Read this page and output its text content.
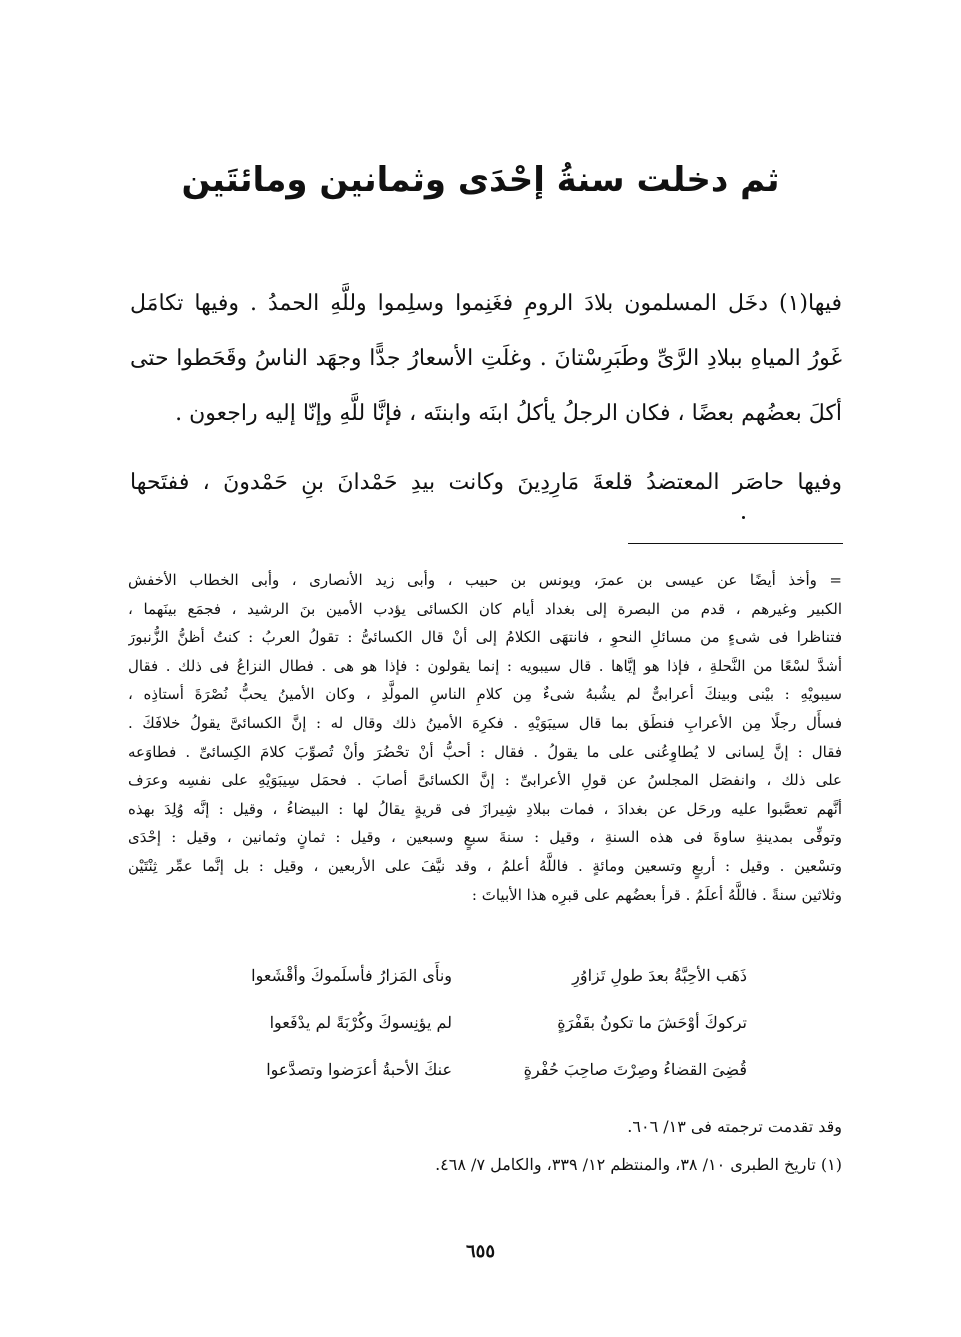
ثم دخلت سنةُ إحْدَى وثمانين ومائتَين
فيها(١) دخَل المسلمون بلادَ الرومِ فغَنِموا وسلِموا وللَّهِ الحمدُ . وفيها تكامَل
غَورُ المياهِ ببلادِ الرَّىِّ وطَبَرِسْتانَ . وغلَتِ الأسعارُ جدًّا وجهَد الناسُ وقَحَطوا حتى
أكلَ بعضُهم بعضًا ، فكان الرجلُ يأكلُ ابنَه وابنتَه ، فإنَّا للَّهِ وإنّا إليه راجعون .
وفيها حاصَر المعتضدُ قلعةَ مَارِدِينَ وكانت بيدِ حَمْدانَ بنِ حَمْدونَ ، ففتَحها
= وأخذ أيضًا عن عيسى بن عمرَ، ويونس بن حبيب ، وأبى زيد الأنصارى ، وأبى الخطاب الأخفش
الكبير وغيرهم ، قدم من البصرة إلى بغداد أيام كان الكسائى يؤدب الأمين بنَ الرشيد ، فجمَع بينَهما ،
فتناظرا فى شىءٍ من مسائلِ النحوِ ، فانتهَى الكلامُ إلى أنْ قال الكسائىُّ : تقولُ العربُ : كنتُ أظنُّ الزُّنبورَ
أشدَّ لسْعًا من النَّحلةِ ، فإذا هو إيَّاها . قال سيبويه : إنما يقولون : فإذا هو هى . فطال النزاعُ فى ذلك . فقال
سيبويْهِ : بيْنى وبينكَ أعرابىٌّ لم يشُبهُ شىءٌ مِن كلامِ الناسِ المولَّدِ ، وكان الأمينُ يحبُّ نُصْرَةَ أستاذِه ،
فسأَل رجلًا مِن الأعرابِ فنطَق بما قال سيبَوَيْهِ . فكرِهَ الأمينُ ذلك وقال له : إنَّ الكسائىَّ يقولُ خلافَكَ .
فقال : إنَّ لِسانى لا يُطاوِعُنى على ما يقولُ . فقال : أحبُّ أنْ تحْضُرَ وأنْ تُصوِّبَ كلامَ الكِسائىِّ . فطاوَعه
على ذلك ، وانفصَل المجلسُ عن قولِ الأعرابىِّ : إنَّ الكسائىَّ أصابَ . فحمَل سِيبَوَيْهِ على نفسِه وعرَف
أنَّهم تعصَّبوا عليه ورحَل عن بغدادَ ، فمات ببلادِ شِيرازَ فى قريةٍ يقالُ لها : البيضاءُ ، وقيل : إنَّه وُلِدَ بهذه
وتوفِّى بمدينةِ ساوةَ فى هذه السنةِ ، وقيل : سنةَ سبعٍ وسبعين ، وقيل : ثمانٍ وثمانين ، وقيل : إحْدَى
وتسْعين . وقيل : أربعٍ وتسعين ومائةٍ . فاللَّهُ أعلمُ ، وقد نيَّفَ على الأربعين ، وقيل : بل إنَّما عمِّر ثِنْتَيْن
وثلاثين سنةً . فاللَّهُ أعلَمُ . قرأ بعضُهم على قبرِه هذا الأبياتَ :
ذَهَب الأحِبَّةُ بعدَ طولِ تَزاوُرِ
ونأَى المَزارُ فأسلَموكَ وأقْشَعوا
تركوكَ أوْحَشَ ما تكونُ بقَفْرَةٍ
لم يؤنِسوكَ وكُرْبَةً لم يدْفَعوا
قُضِىَ القضاءُ وصِرْتَ صاحِبَ حُفْرةٍ
عنكَ الأحبةُ أعرَضوا وتصدَّعوا
وقد تقدمت ترجمته فى ١٣/ ٦٠٦.
(١) تاريخ الطبرى ١٠/ ٣٨، والمنتظم ١٢/ ٣٣٩، والكامل ٧/ ٤٦٨.
٦٥٥
